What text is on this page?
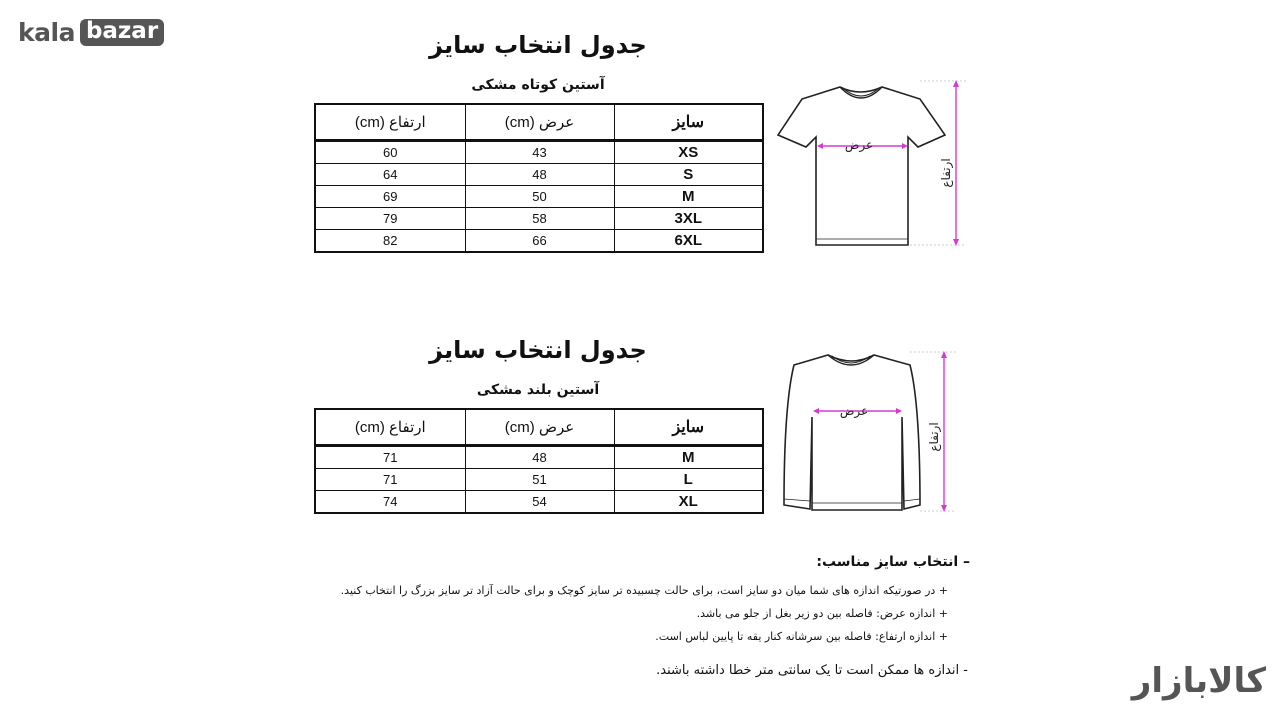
kala bazar
جدول انتخاب سایز
آستین کوتاه مشکی
سایز	عرض (cm)	ارتفاع (cm)
XS	43	60
S	48	64
M	50	69
3XL	58	79
6XL	66	82
عرض
ارتفاع
جدول انتخاب سایز
آستین بلند مشکی
سایز	عرض (cm)	ارتفاع (cm)
M	48	71
L	51	71
XL	54	74
عرض
ارتفاع
– انتخاب سایز مناسب:
+ در صورتیکه اندازه های شما میان دو سایز است، برای حالت چسبیده تر سایز کوچک و برای حالت آزاد تر سایز بزرگ را انتخاب کنید.
+ اندازه عرض: فاصله بین دو زیر بغل از جلو می باشد.
+ اندازه ارتفاع: فاصله بین سرشانه کنار یقه تا پایین لباس است.
- اندازه ها ممکن است تا یک سانتی متر خطا داشته باشند.	کالابازار
